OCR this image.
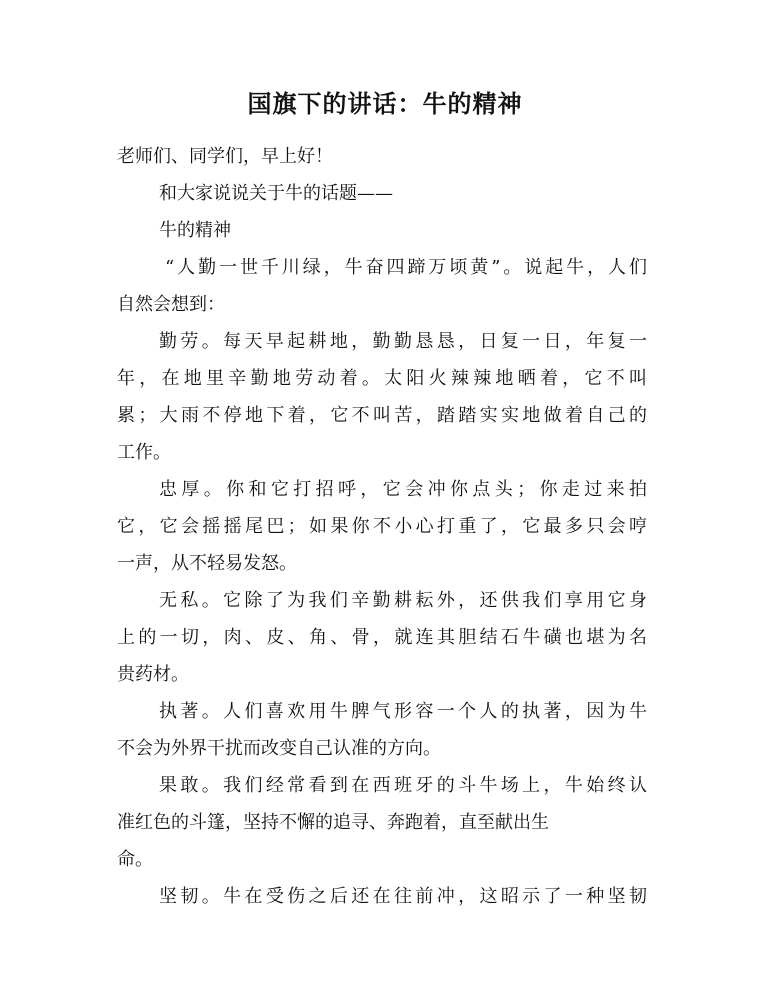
国旗下的讲话：牛的精神
老师们、同学们，早上好！
和大家说说关于牛的话题——
牛的精神
“人勤一世千川绿，牛奋四蹄万顷黄”。说起牛，人们
自然会想到：
勤劳。每天早起耕地，勤勤恳恳，日复一日，年复一
年，在地里辛勤地劳动着。太阳火辣辣地晒着，它不叫
累；大雨不停地下着，它不叫苦，踏踏实实地做着自己的
工作。
忠厚。你和它打招呼，它会冲你点头；你走过来拍
它，它会摇摇尾巴；如果你不小心打重了，它最多只会哼
一声，从不轻易发怒。
无私。它除了为我们辛勤耕耘外，还供我们享用它身
上的一切，肉、皮、角、骨，就连其胆结石牛磺也堪为名
贵药材。
执著。人们喜欢用牛脾气形容一个人的执著，因为牛
不会为外界干扰而改变自己认准的方向。
果敢。我们经常看到在西班牙的斗牛场上，牛始终认
准红色的斗篷，坚持不懈的追寻、奔跑着，直至献出生
命。
坚韧。牛在受伤之后还在往前冲，这昭示了一种坚韧
